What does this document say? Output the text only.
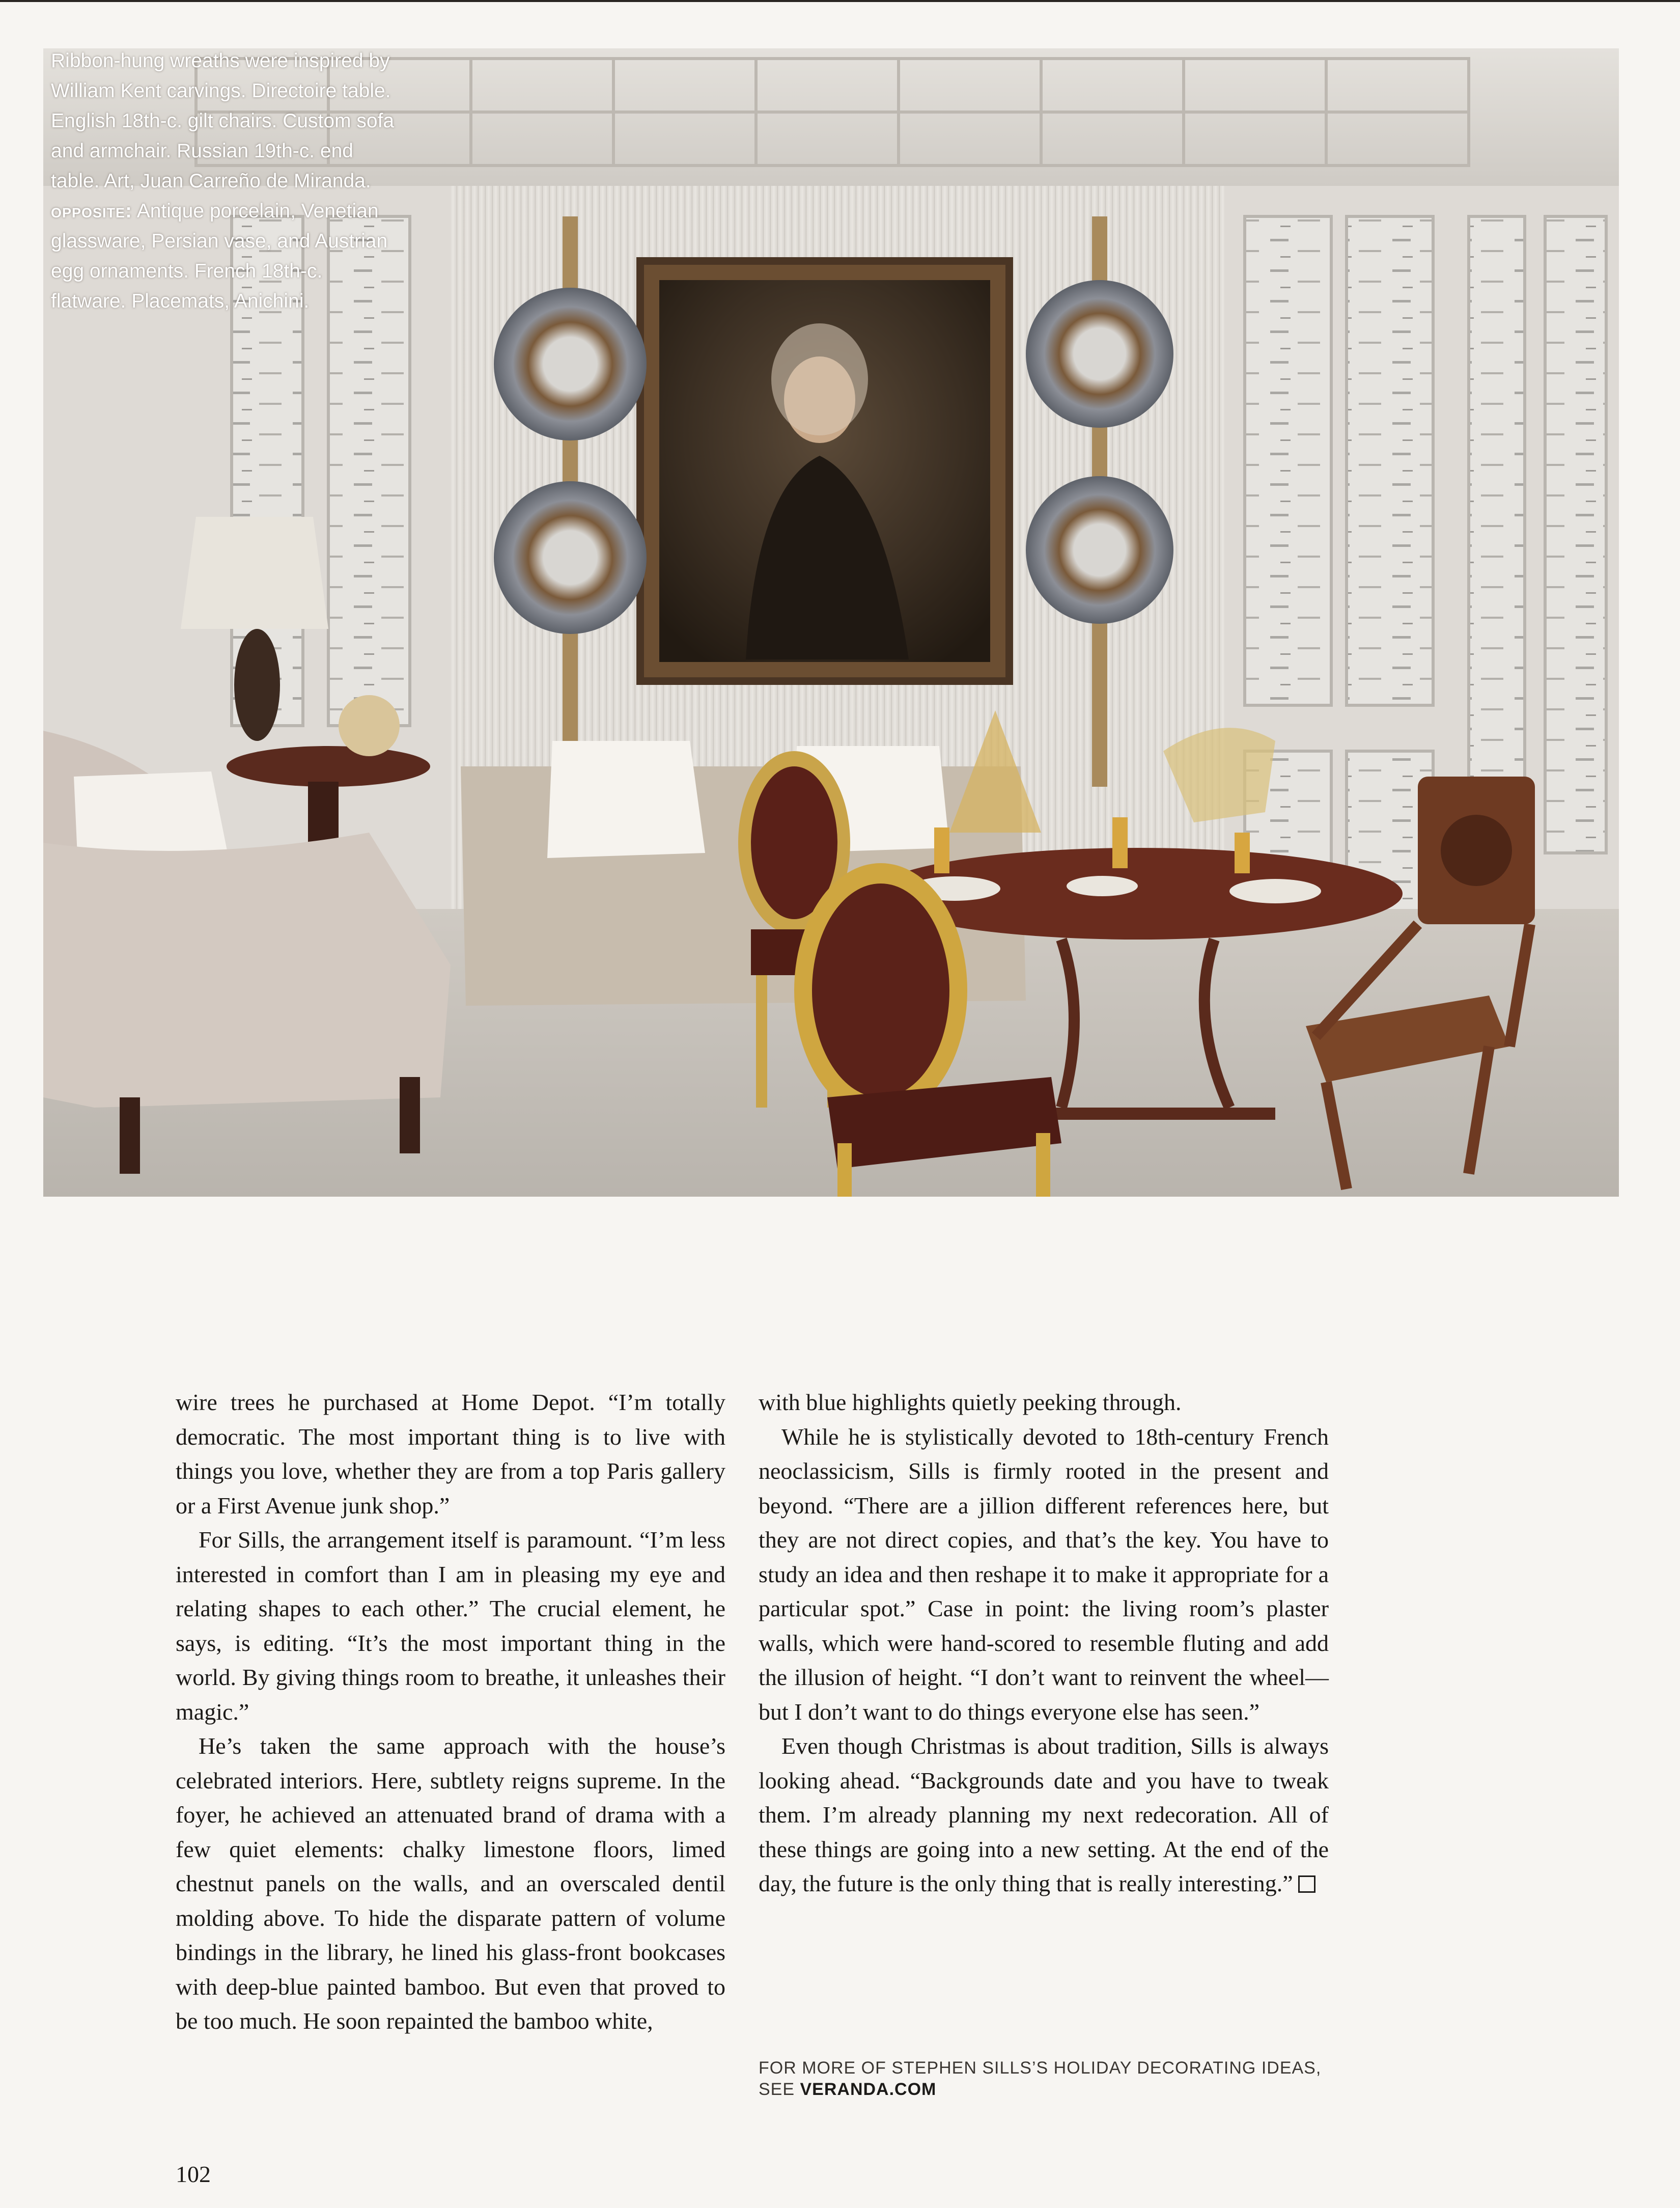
Ribbon-hung wreaths were inspired by William Kent carvings. Directoire table. English 18th-c. gilt chairs. Custom sofa and armchair. Russian 19th-c. end table. Art, Juan Carreño de Miranda. opposite: Antique porcelain, Venetian glassware, Persian vase, and Austrian egg ornaments. French 18th-c. flatware. Placemats, Anichini.

wire trees he purchased at Home Depot. “I’m totally democratic. The most important thing is to live with things you love, whether they are from a top Paris gallery or a First Avenue junk shop.”

For Sills, the arrangement itself is paramount. “I’m less interested in comfort than I am in pleasing my eye and relating shapes to each other.” The crucial element, he says, is editing. “It’s the most important thing in the world. By giving things room to breathe, it unleashes their magic.”

He’s taken the same approach with the house’s celebrated interiors. Here, subtlety reigns supreme. In the foyer, he achieved an attenuated brand of drama with a few quiet elements: chalky limestone floors, limed chestnut panels on the walls, and an overscaled dentil molding above. To hide the disparate pattern of volume bindings in the library, he lined his glass-front bookcases with deep-blue painted bamboo. But even that proved to be too much. He soon repainted the bamboo white,

with blue highlights quietly peeking through.

While he is stylistically devoted to 18th-century French neoclassicism, Sills is firmly rooted in the present and beyond. “There are a jillion different references here, but they are not direct copies, and that’s the key. You have to study an idea and then reshape it to make it appropriate for a particular spot.” Case in point: the living room’s plaster walls, which were hand-scored to resemble fluting and add the illusion of height. “I don’t want to reinvent the wheel—but I don’t want to do things everyone else has seen.”

Even though Christmas is about tradition, Sills is always looking ahead. “Backgrounds date and you have to tweak them. I’m already planning my next redecoration. All of these things are going into a new setting. At the end of the day, the future is the only thing that is really interesting.”

FOR MORE OF STEPHEN SILLS’S HOLIDAY DECORATING IDEAS, SEE VERANDA.COM
102
